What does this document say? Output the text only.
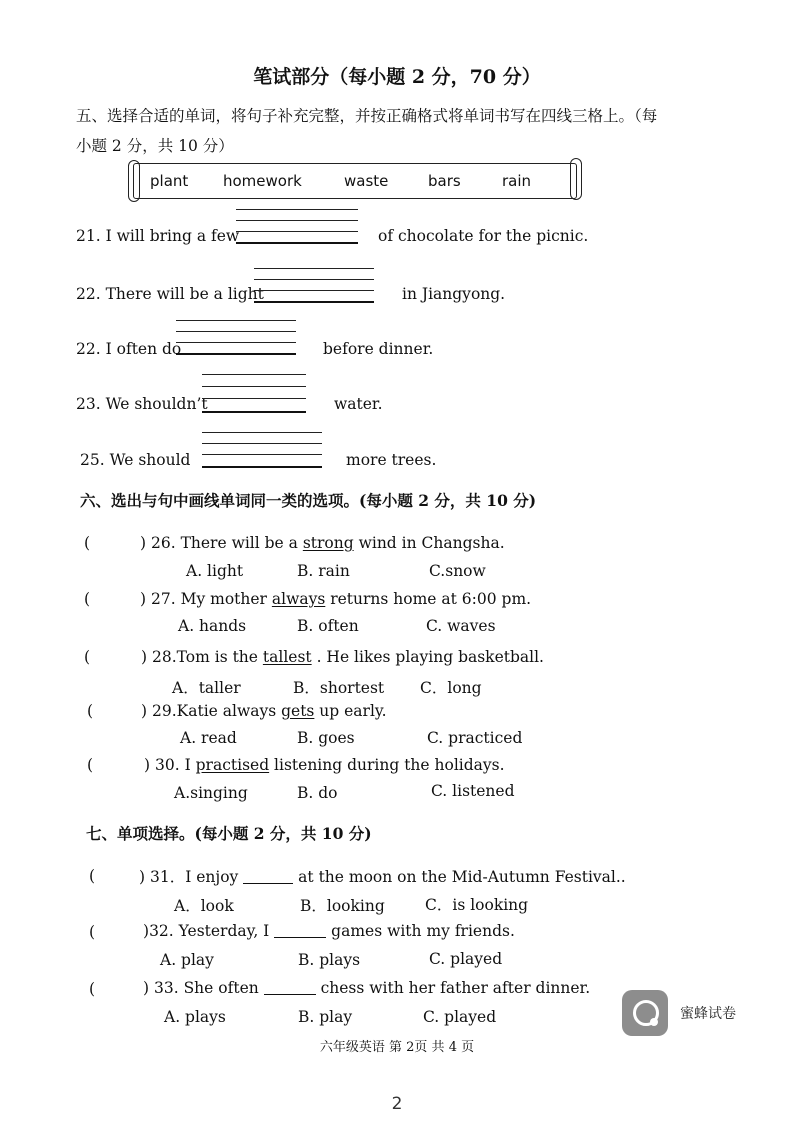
笔试部分（每小题 2 分，70 分）
五、选择合适的单词，将句子补充完整，并按正确格式将单词书写在四线三格上。（每
小题 2 分，共 10 分）
plant homework	waste	bars	rain
21. I will bring a few	of chocolate for the picnic.
22. There will be a light	in Jiangyong.
22. I often do	before dinner.
23. We shouldn’t	water.
25. We should	more trees.
六、选出与句中画线单词同一类的选项。(每小题 2 分，共 10 分)
(	) 26. There will be a strong wind in Changsha.
A. light	B. rain	C.snow
(	) 27. My mother always returns home at 6:00 pm.
A. hands	B. often	C. waves
(	) 28.Tom is the tallest . He likes playing basketball.
A．taller	B．shortest C．long
(	) 29.Katie always gets up early.
A. read	B. goes	C. practiced
(	) 30. I practised listening during the holidays.
A.singing	B. do	C. listened
七、单项选择。(每小题 2 分，共 10 分)
(	) 31．I enjoy	at the moon on the Mid-Autumn Festival..
A．look	B．looking	C．is looking
(	)32. Yesterday, I	games with my friends.
A. play	B. plays	C. played
(	) 33. She often	chess with her father after dinner.
A. plays	B. play	C. played	蜜蜂试卷
六年级英语 第 2页 共 4 页
2
